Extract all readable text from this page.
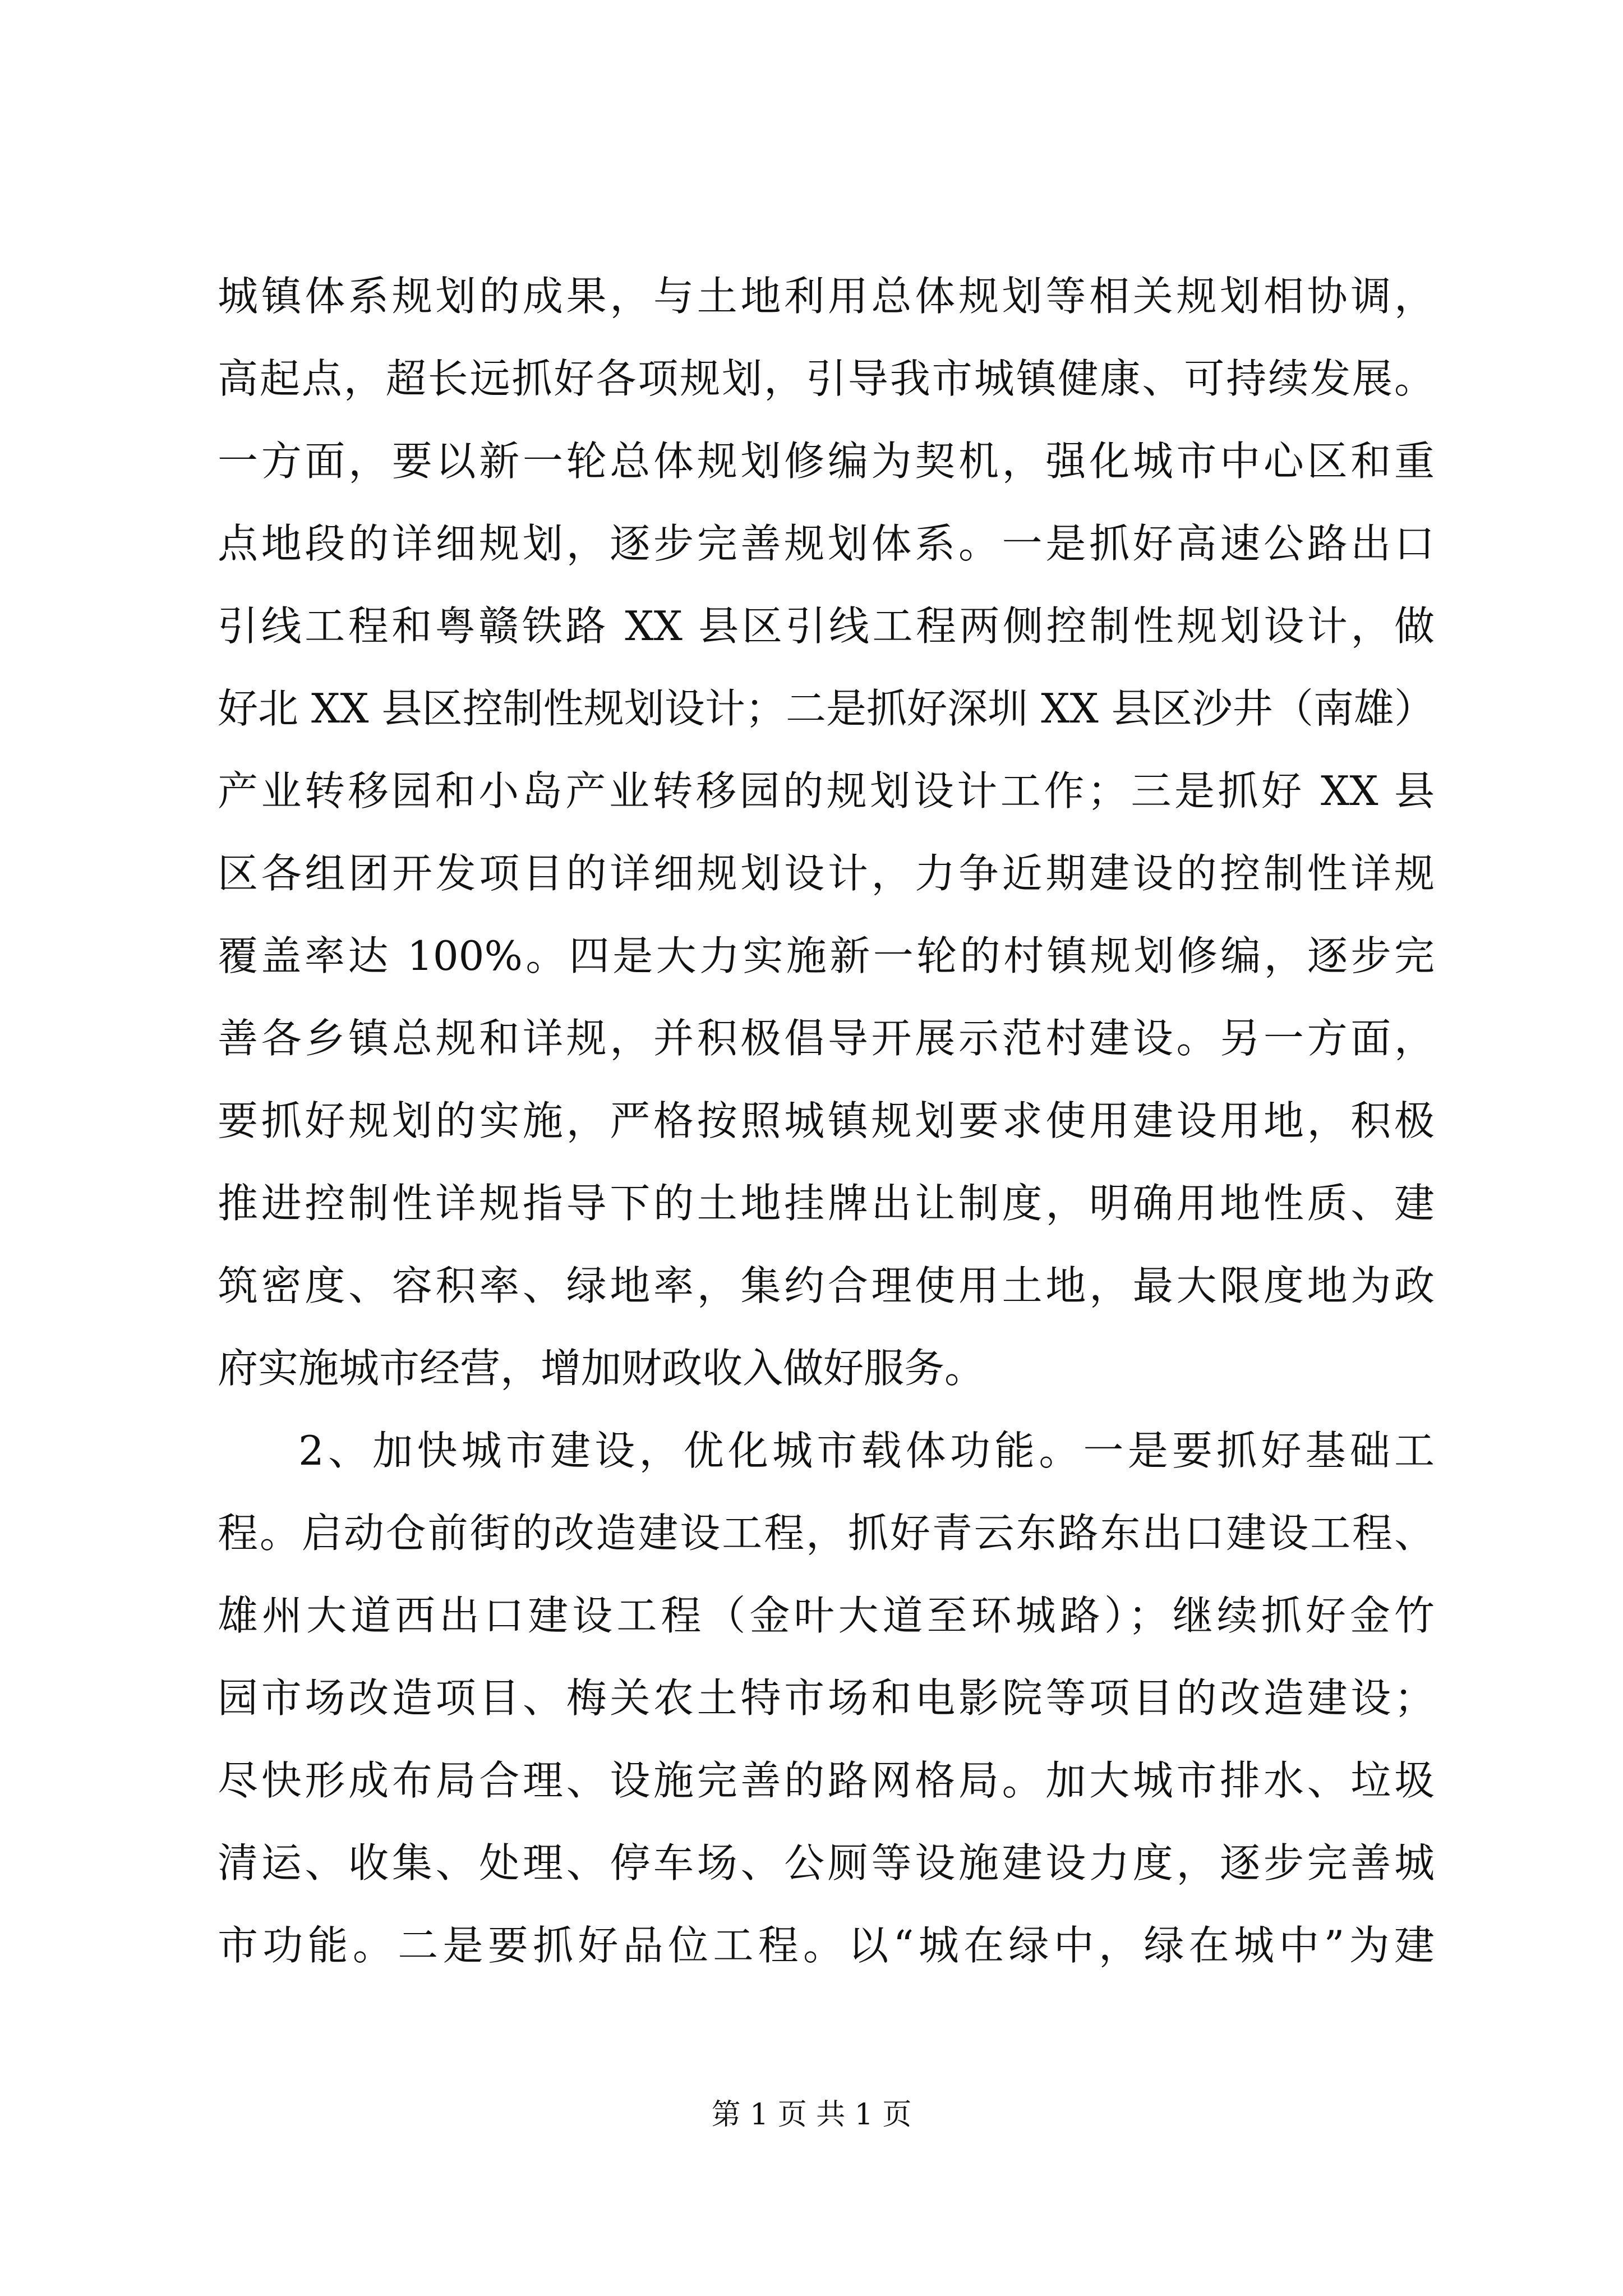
城镇体系规划的成果，与土地利用总体规划等相关规划相协调，
高起点，超长远抓好各项规划，引导我市城镇健康、可持续发展。
一方面，要以新一轮总体规划修编为契机，强化城市中心区和重
点地段的详细规划，逐步完善规划体系。一是抓好高速公路出口
引线工程和粤赣铁路 XX 县区引线工程两侧控制性规划设计，做
好北 XX 县区控制性规划设计；二是抓好深圳 XX 县区沙井（南雄）
产业转移园和小岛产业转移园的规划设计工作；三是抓好 XX 县
区各组团开发项目的详细规划设计，力争近期建设的控制性详规
覆盖率达 100%。四是大力实施新一轮的村镇规划修编，逐步完
善各乡镇总规和详规，并积极倡导开展示范村建设。另一方面，
要抓好规划的实施，严格按照城镇规划要求使用建设用地，积极
推进控制性详规指导下的土地挂牌出让制度，明确用地性质、建
筑密度、容积率、绿地率，集约合理使用土地，最大限度地为政
府实施城市经营，增加财政收入做好服务。
2、加快城市建设，优化城市载体功能。一是要抓好基础工
程。启动仓前街的改造建设工程，抓好青云东路东出口建设工程、
雄州大道西出口建设工程（金叶大道至环城路）；继续抓好金竹
园市场改造项目、梅关农土特市场和电影院等项目的改造建设；
尽快形成布局合理、设施完善的路网格局。加大城市排水、垃圾
清运、收集、处理、停车场、公厕等设施建设力度，逐步完善城
市功能。二是要抓好品位工程。以“城在绿中，绿在城中”为建
第 1 页 共 1 页
